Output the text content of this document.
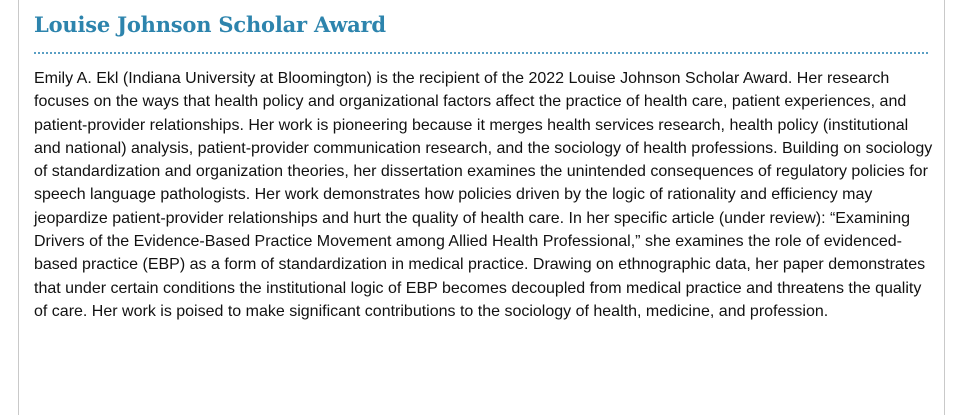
Louise Johnson Scholar Award

Emily A. Ekl (Indiana University at Bloomington) is the recipient of the 2022 Louise Johnson Scholar Award. Her research focuses on the ways that health policy and organizational factors affect the practice of health care, patient experiences, and patient-provider relationships. Her work is pioneering because it merges health services research, health policy (institutional and national) analysis, patient-provider communication research, and the sociology of health professions. Building on sociology of standardization and organization theories, her dissertation examines the unintended consequences of regulatory policies for speech language pathologists. Her work demonstrates how policies driven by the logic of rationality and efficiency may jeopardize patient-provider relationships and hurt the quality of health care. In her specific article (under review): “Examining Drivers of the Evidence-Based Practice Movement among Allied Health Professional,” she examines the role of evidenced-based practice (EBP) as a form of standardization in medical practice. Drawing on ethnographic data, her paper demonstrates that under certain conditions the institutional logic of EBP becomes decoupled from medical practice and threatens the quality of care. Her work is poised to make significant contributions to the sociology of health, medicine, and profession.
